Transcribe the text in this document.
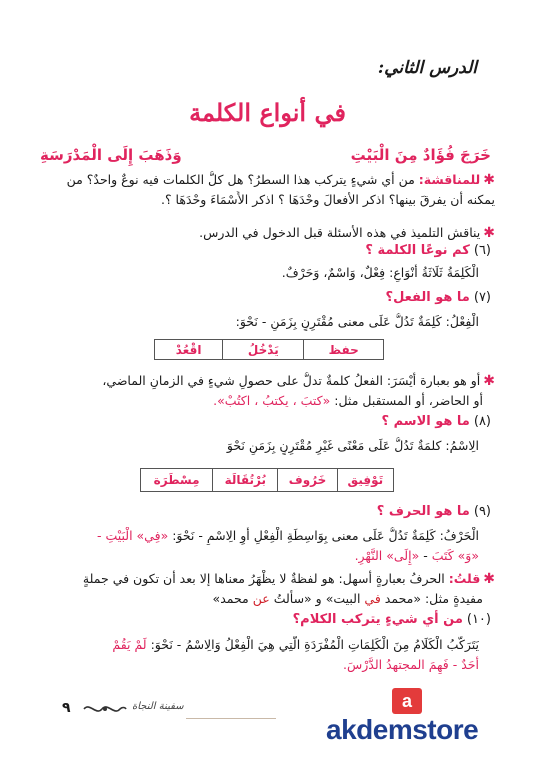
الدرس الثاني:
في أنواع الكلمة
خَرَجَ فُؤَادٌ مِنَ الْبَيْتِ
وَذَهَبَ إِلَى الْمَدْرَسَةِ
✱للمناقشة: من أي شيءٍ يتركب هذا السطرُ؟ هل كلُّ الكلمات فيه نوعٌ واحدٌ؟ من
يمكنه أن يفرقَ بينها؟ اذكر الأفعالَ وحْدَهَا ؟ اذكر الأَسْمَاءَ وحْدَهَا ؟.
✱يناقش التلميذ في هذه الأسئلة قبل الدخول في الدرس.
(٦)كم نوعًا الكلمة ؟
الْكَلِمَةُ ثَلَاثَةُ أَنْوَاعٍ: فِعْلٌ، وَاسْمٌ، وَحَرْفٌ.
(٧)ما هو الفعل؟
الْفِعْلُ: كَلِمَةٌ تَدُلُّ عَلَى معنى مُقْتَرِنٍ بِزَمَنٍ - نَحْوَ:
حفظ	يَدْخُلُ	اقْعُدْ
✱أو هو بعبارة أَيْسَرَ: الفعلُ كلمةٌ تدلُّ على حصولِ شيءٍ في الزمانِ الماضي،
أو الحاضر، أو المستقبل مثل: «كتبَ ، يكتبُ ، اكتُبْ».
(٨)ما هو الاسم ؟
الِاسْمُ: كلمَةٌ تَدُلُّ عَلَى مَعْنًى غَيْرِ مُقْتَرِنٍ بِزَمَنٍ نَحْوَ
تَوْفِيق	خَرُوف	بُرْتُقَالَة	مِسْطَرَة
(٩)ما هو الحرف ؟
الْحَرْفُ: كَلِمَةٌ تَدُلُّ عَلَى معنى بِوَاسِطَةِ الْفِعْلِ أَوِ الِاسْمِ - نَحْوَ: «فِي» الْبَيْتِ -
«وَ» كَتَبَ - «إِلَى» النَّهْرِ.
✱قلتُ: الحرفُ بعبارةٍ أسهل: هو لفظةٌ لا يظْهَرُ معناها إلا بعد أن تكون في جملةٍ
مفيدةٍ مثل: «محمد في البيت» و «سألتُ عن محمد»
(١٠)من أي شيءٍ يتركب الكلام؟
يَتَرَكَّبُ الْكَلَامُ مِنَ الْكَلِمَاتِ الْمُفْرَدَةِ الَّتِي هِيَ الْفِعْلُ وَالِاسْمُ - نَحْوَ: لَمْ يَقُمْ
أَحَدٌ - فَهِمَ المجتهدُ الدَّرْسَ.
٩	سفينة النجاة	a
akdemstore
